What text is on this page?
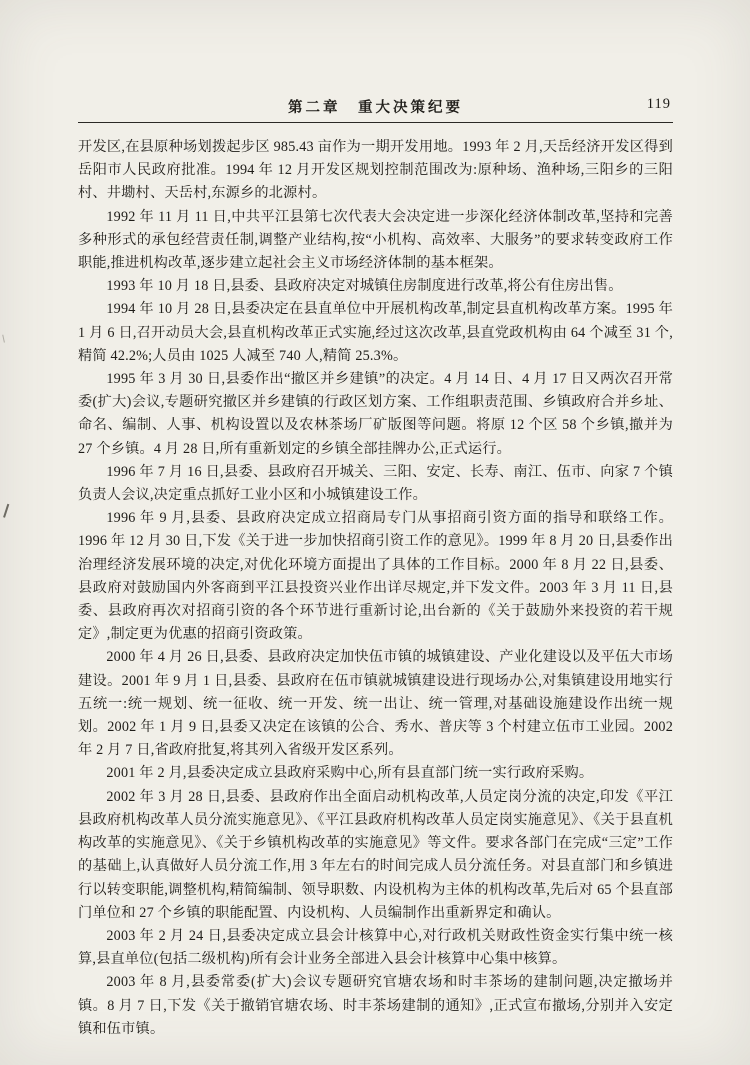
第二章　重大决策纪要	119

开发区,在县原种场划拨起步区 985.43 亩作为一期开发用地。1993 年 2 月,天岳经济开发区得到岳阳市人民政府批准。1994 年 12 月开发区规划控制范围改为:原种场、渔种场,三阳乡的三阳村、井墈村、天岳村,东源乡的北源村。

1992 年 11 月 11 日,中共平江县第七次代表大会决定进一步深化经济体制改革,坚持和完善多种形式的承包经营责任制,调整产业结构,按“小机构、高效率、大服务”的要求转变政府工作职能,推进机构改革,逐步建立起社会主义市场经济体制的基本框架。

1993 年 10 月 18 日,县委、县政府决定对城镇住房制度进行改革,将公有住房出售。

1994 年 10 月 28 日,县委决定在县直单位中开展机构改革,制定县直机构改革方案。1995 年 1 月 6 日,召开动员大会,县直机构改革正式实施,经过这次改革,县直党政机构由 64 个减至 31 个,精简 42.2%;人员由 1025 人减至 740 人,精简 25.3%。

1995 年 3 月 30 日,县委作出“撤区并乡建镇”的决定。4 月 14 日、4 月 17 日又两次召开常委(扩大)会议,专题研究撤区并乡建镇的行政区划方案、工作组职责范围、乡镇政府合并乡址、命名、编制、人事、机构设置以及农林茶场厂矿版图等问题。将原 12 个区 58 个乡镇,撤并为 27 个乡镇。4 月 28 日,所有重新划定的乡镇全部挂牌办公,正式运行。

1996 年 7 月 16 日,县委、县政府召开城关、三阳、安定、长寿、南江、伍市、向家 7 个镇负责人会议,决定重点抓好工业小区和小城镇建设工作。

1996 年 9 月,县委、县政府决定成立招商局专门从事招商引资方面的指导和联络工作。1996 年 12 月 30 日,下发《关于进一步加快招商引资工作的意见》。1999 年 8 月 20 日,县委作出治理经济发展环境的决定,对优化环境方面提出了具体的工作目标。2000 年 8 月 22 日,县委、县政府对鼓励国内外客商到平江县投资兴业作出详尽规定,并下发文件。2003 年 3 月 11 日,县委、县政府再次对招商引资的各个环节进行重新讨论,出台新的《关于鼓励外来投资的若干规定》,制定更为优惠的招商引资政策。

2000 年 4 月 26 日,县委、县政府决定加快伍市镇的城镇建设、产业化建设以及平伍大市场建设。2001 年 9 月 1 日,县委、县政府在伍市镇就城镇建设进行现场办公,对集镇建设用地实行五统一:统一规划、统一征收、统一开发、统一出让、统一管理,对基础设施建设作出统一规划。2002 年 1 月 9 日,县委又决定在该镇的公合、秀水、普庆等 3 个村建立伍市工业园。2002 年 2 月 7 日,省政府批复,将其列入省级开发区系列。

2001 年 2 月,县委决定成立县政府采购中心,所有县直部门统一实行政府采购。

2002 年 3 月 28 日,县委、县政府作出全面启动机构改革,人员定岗分流的决定,印发《平江县政府机构改革人员分流实施意见》、《平江县政府机构改革人员定岗实施意见》、《关于县直机构改革的实施意见》、《关于乡镇机构改革的实施意见》等文件。要求各部门在完成“三定”工作的基础上,认真做好人员分流工作,用 3 年左右的时间完成人员分流任务。对县直部门和乡镇进行以转变职能,调整机构,精简编制、领导职数、内设机构为主体的机构改革,先后对 65 个县直部门单位和 27 个乡镇的职能配置、内设机构、人员编制作出重新界定和确认。

2003 年 2 月 24 日,县委决定成立县会计核算中心,对行政机关财政性资金实行集中统一核算,县直单位(包括二级机构)所有会计业务全部进入县会计核算中心集中核算。

2003 年 8 月,县委常委(扩大)会议专题研究官塘农场和时丰茶场的建制问题,决定撤场并镇。8 月 7 日,下发《关于撤销官塘农场、时丰茶场建制的通知》,正式宣布撤场,分别并入安定镇和伍市镇。
